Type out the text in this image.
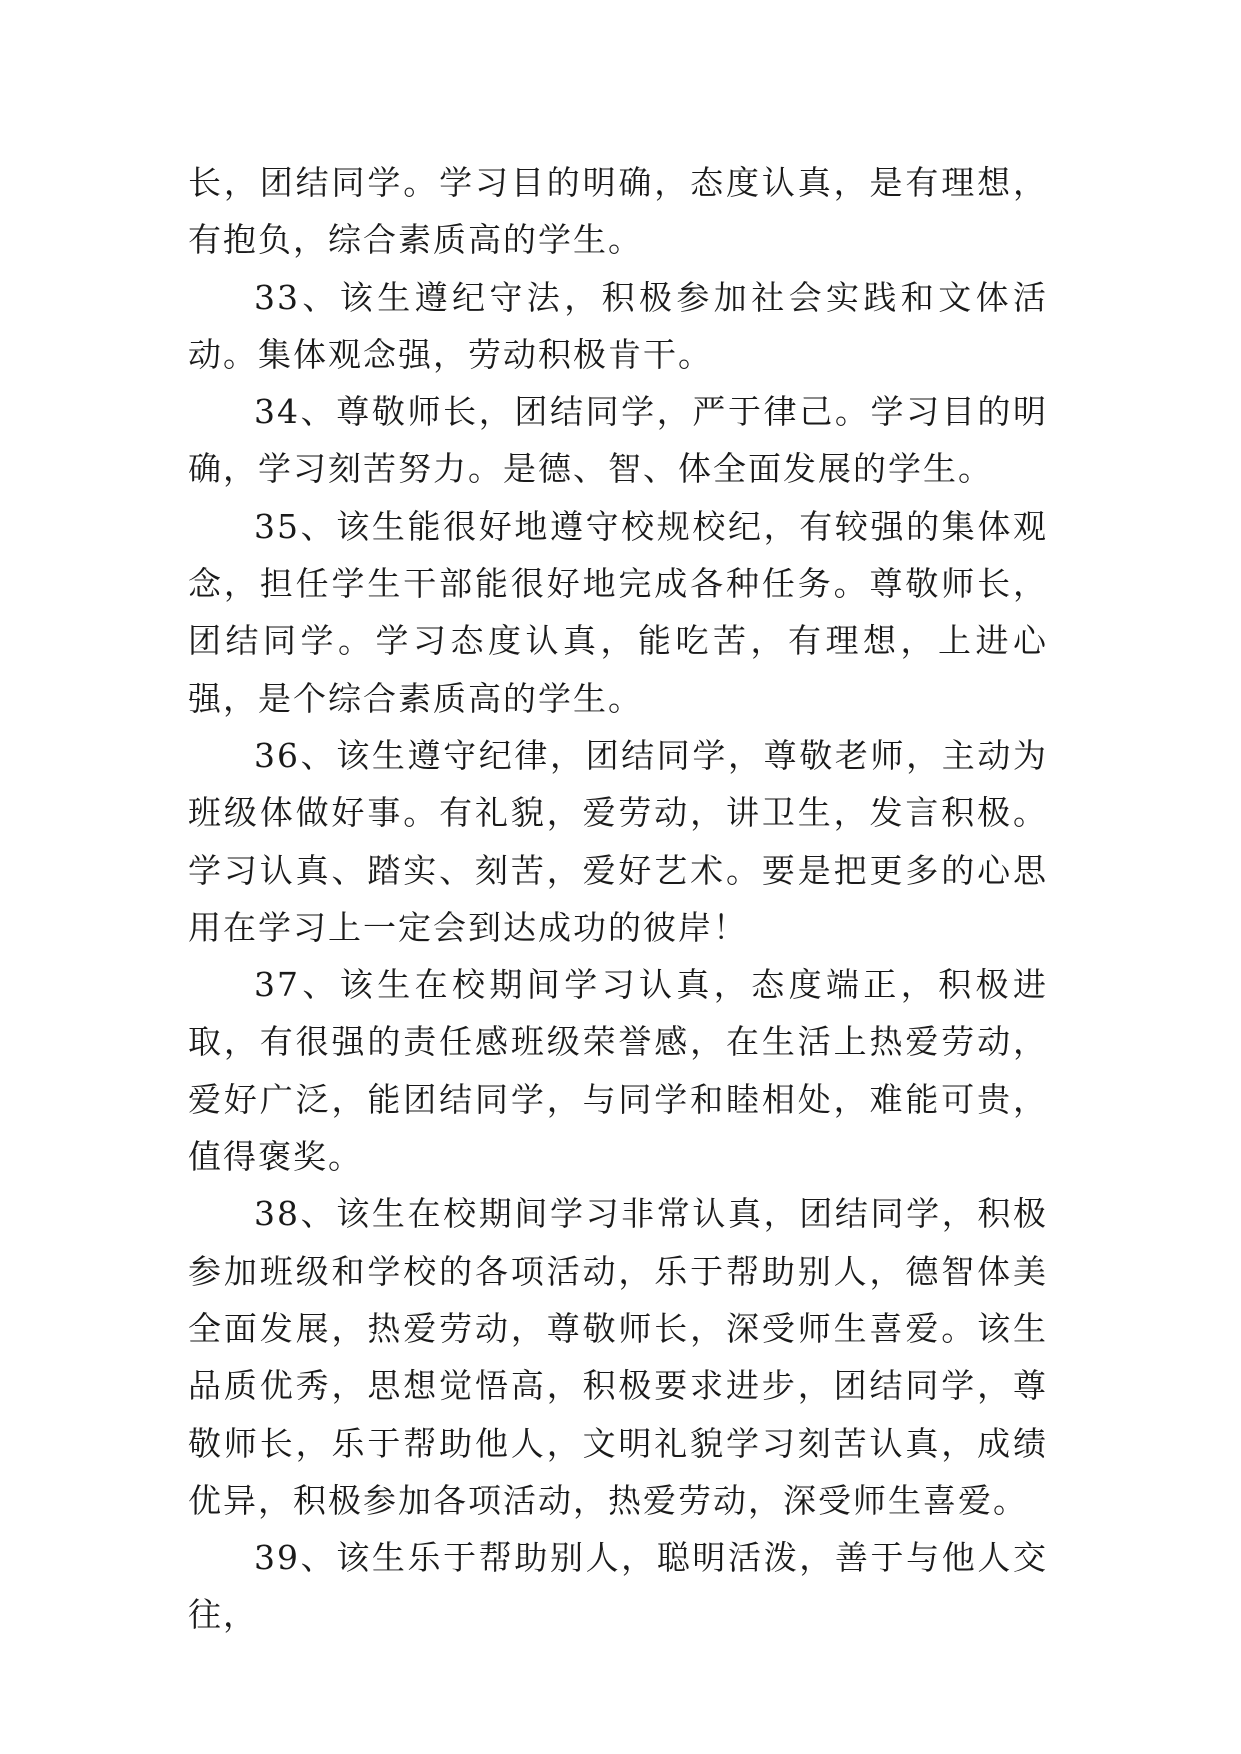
长，团结同学。学习目的明确，态度认真，是有理想，有抱负，综合素质高的学生。

33、该生遵纪守法，积极参加社会实践和文体活动。集体观念强，劳动积极肯干。

34、尊敬师长，团结同学，严于律己。学习目的明确，学习刻苦努力。是德、智、体全面发展的学生。

35、该生能很好地遵守校规校纪，有较强的集体观念，担任学生干部能很好地完成各种任务。尊敬师长，团结同学。学习态度认真，能吃苦，有理想，上进心强，是个综合素质高的学生。

36、该生遵守纪律，团结同学，尊敬老师，主动为班级体做好事。有礼貌，爱劳动，讲卫生，发言积极。学习认真、踏实、刻苦，爱好艺术。要是把更多的心思用在学习上一定会到达成功的彼岸！

37、该生在校期间学习认真，态度端正，积极进取，有很强的责任感班级荣誉感，在生活上热爱劳动，爱好广泛，能团结同学，与同学和睦相处，难能可贵，值得褒奖。

38、该生在校期间学习非常认真，团结同学，积极参加班级和学校的各项活动，乐于帮助别人，德智体美全面发展，热爱劳动，尊敬师长，深受师生喜爱。该生品质优秀，思想觉悟高，积极要求进步，团结同学，尊敬师长，乐于帮助他人，文明礼貌学习刻苦认真，成绩优异，积极参加各项活动，热爱劳动，深受师生喜爱。

39、该生乐于帮助别人，聪明活泼，善于与他人交往，
